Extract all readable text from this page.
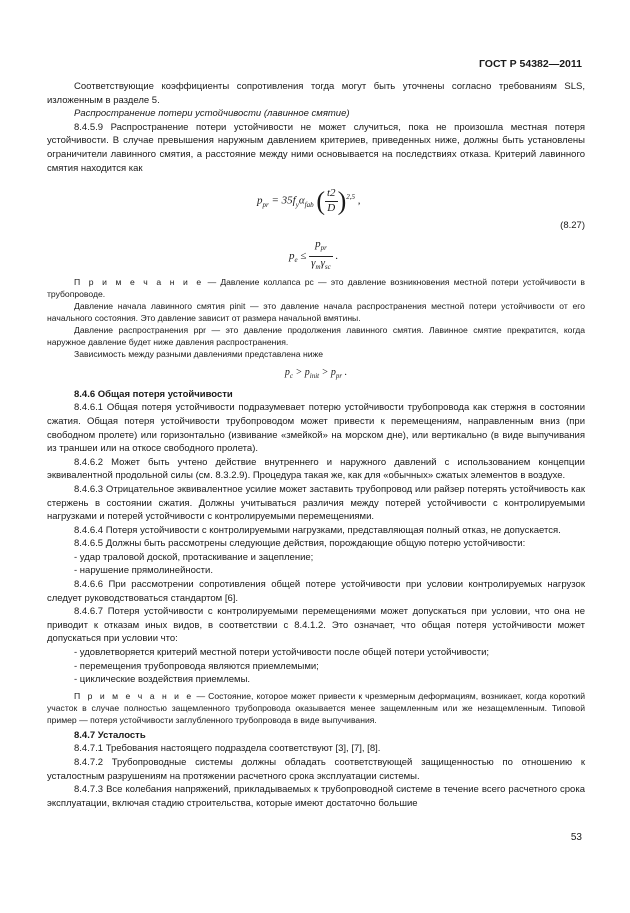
ГОСТ Р 54382—2011

Соответствующие коэффициенты сопротивления тогда могут быть уточнены согласно требованиям SLS, изложенным в разделе 5.

Распространение потери устойчивости (лавинное смятие)

8.4.5.9 Распространение потери устойчивости не может случиться, пока не произошла местная потеря устойчивости. В случае превышения наружным давлением критериев, приведенных ниже, должны быть установлены ограничители лавинного смятия, а расстояние между ними основывается на последствиях отказа. Критерий лавинного смятия находится как

$p_{pr} = 35f_y\alpha_{fab}$ ( $\frac{t2}{D} )^{2,5}$ ,
$p_e \le \frac{p_{pr}}{\gamma_m\gamma_{sc}}$ .
(8.27)

П р и м е ч а н и е — Давление коллапса pc — это давление возникновения местной потери устойчивости в трубопроводе.

Давление начала лавинного смятия pinit — это давление начала распространения местной потери устойчивости от его начального состояния. Это давление зависит от размера начальной вмятины.

Давление распространения ppr — это давление продолжения лавинного смятия. Лавинное смятие прекратится, когда наружное давление будет ниже давления распространения.

Зависимость между разными давлениями представлена ниже

$p_c > p_{init} > p_{pr}$ .

8.4.6 Общая потеря устойчивости

8.4.6.1 Общая потеря устойчивости подразумевает потерю устойчивости трубопровода как стержня в состоянии сжатия. Общая потеря устойчивости трубопроводом может привести к перемещениям, направленным вниз (при свободном пролете) или горизонтально (извивание «змейкой» на морском дне), или вертикально (в виде выпучивания из траншеи или на откосе свободного пролета).

8.4.6.2 Может быть учтено действие внутреннего и наружного давлений с использованием концепции эквивалентной продольной силы (см. 8.3.2.9). Процедура такая же, как для «обычных» сжатых элементов в воздухе.

8.4.6.3 Отрицательное эквивалентное усилие может заставить трубопровод или райзер потерять устойчивость как стержень в состоянии сжатия. Должны учитываться различия между потерей устойчивости с контролируемыми нагрузками и потерей устойчивости с контролируемыми перемещениями.

8.4.6.4 Потеря устойчивости с контролируемыми нагрузками, представляющая полный отказ, не допускается.

8.4.6.5 Должны быть рассмотрены следующие действия, порождающие общую потерю устойчивости:

- удар траловой доской, протаскивание и зацепление;

- нарушение прямолинейности.

8.4.6.6 При рассмотрении сопротивления общей потере устойчивости при условии контролируемых нагрузок следует руководствоваться стандартом [6].

8.4.6.7 Потеря устойчивости с контролируемыми перемещениями может допускаться при условии, что она не приводит к отказам иных видов, в соответствии с 8.4.1.2. Это означает, что общая потеря устойчивости может допускаться при условии что:

- удовлетворяется критерий местной потери устойчивости после общей потери устойчивости;

- перемещения трубопровода являются приемлемыми;

- циклические воздействия приемлемы.

П р и м е ч а н и е — Состояние, которое может привести к чрезмерным деформациям, возникает, когда короткий участок в случае полностью защемленного трубопровода оказывается менее защемленным или же незащемленным. Типовой пример — потеря устойчивости заглубленного трубопровода в виде выпучивания.

8.4.7 Усталость

8.4.7.1 Требования настоящего подраздела соответствуют [3], [7], [8].

8.4.7.2 Трубопроводные системы должны обладать соответствующей защищенностью по отношению к усталостным разрушениям на протяжении расчетного срока эксплуатации системы.

8.4.7.3 Все колебания напряжений, прикладываемых к трубопроводной системе в течение всего расчетного срока эксплуатации, включая стадию строительства, которые имеют достаточно большие

53
